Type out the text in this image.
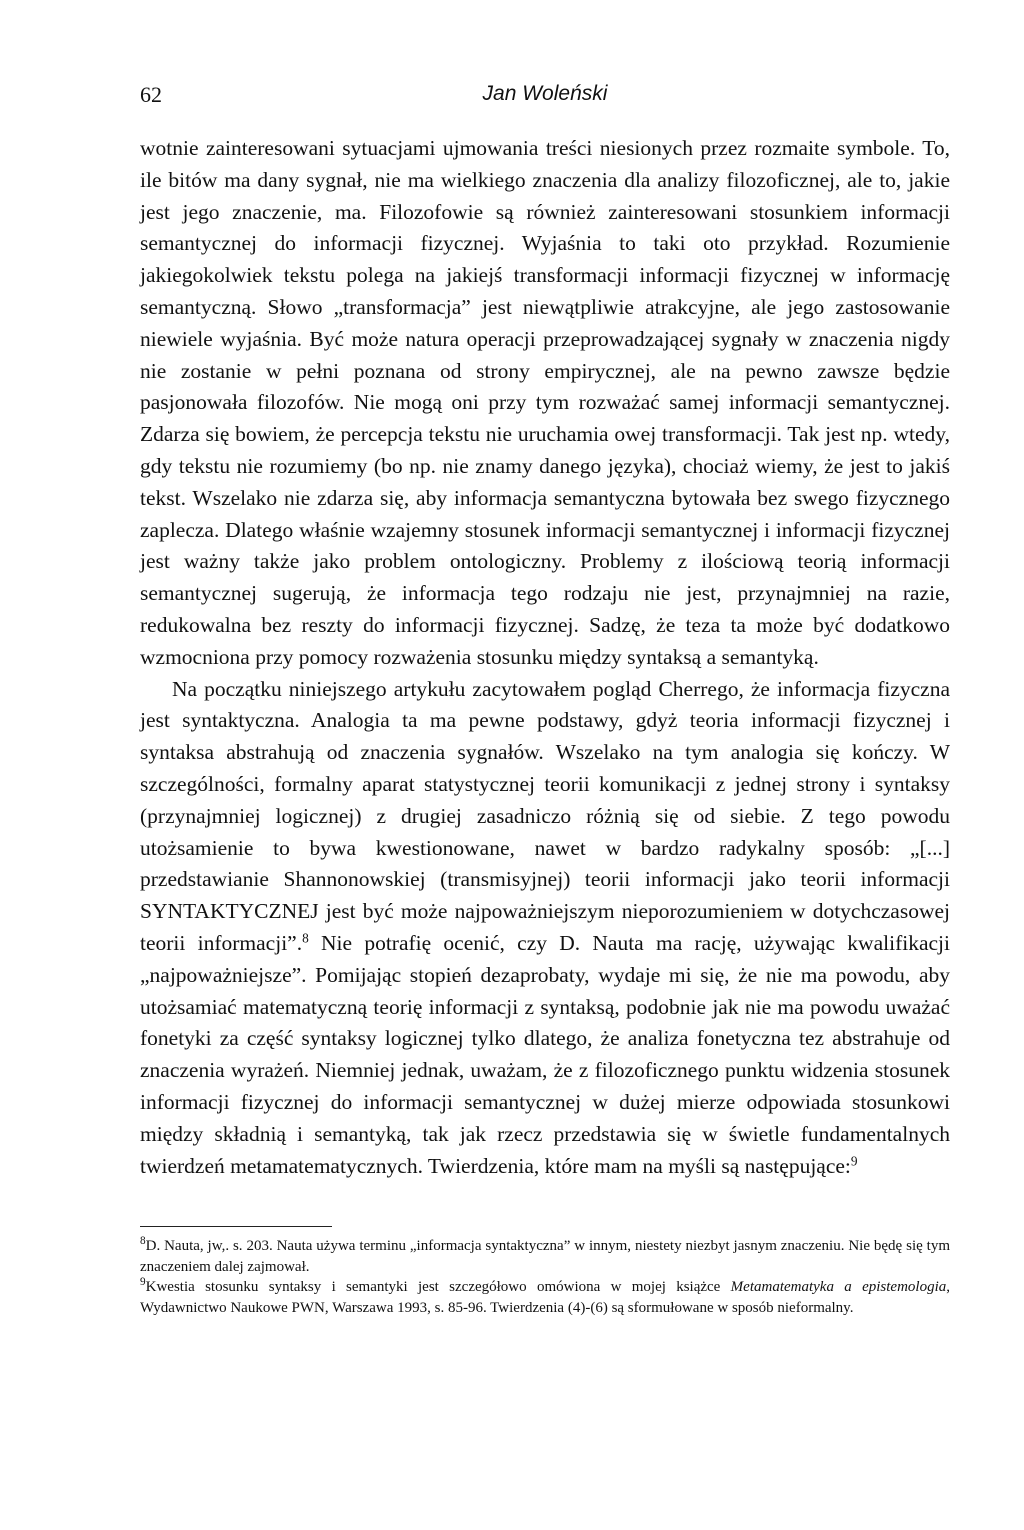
62	Jan Woleński

wotnie zainteresowani sytuacjami ujmowania treści niesionych przez rozmaite symbole. To, ile bitów ma dany sygnał, nie ma wielkiego znaczenia dla analizy filozoficznej, ale to, jakie jest jego znaczenie, ma. Filozofowie są również zainteresowani stosunkiem informacji semantycznej do informacji fizycznej. Wyjaśnia to taki oto przykład. Rozumienie jakiegokolwiek tekstu polega na jakiejś transformacji informacji fizycznej w informację semantyczną. Słowo „transformacja” jest niewątpliwie atrakcyjne, ale jego zastosowanie niewiele wyjaśnia. Być może natura operacji przeprowadzającej sygnały w znaczenia nigdy nie zostanie w pełni poznana od strony empirycznej, ale na pewno zawsze będzie pasjonowała filozofów. Nie mogą oni przy tym rozważać samej informacji semantycznej. Zdarza się bowiem, że percepcja tekstu nie uruchamia owej transformacji. Tak jest np. wtedy, gdy tekstu nie rozumiemy (bo np. nie znamy danego języka), chociaż wiemy, że jest to jakiś tekst. Wszelako nie zdarza się, aby informacja semantyczna bytowała bez swego fizycznego zaplecza. Dlatego właśnie wzajemny stosunek informacji semantycznej i informacji fizycznej jest ważny także jako problem ontologiczny. Problemy z ilościową teorią informacji semantycznej sugerują, że informacja tego rodzaju nie jest, przynajmniej na razie, redukowalna bez reszty do informacji fizycznej. Sadzę, że teza ta może być dodatkowo wzmocniona przy pomocy rozważenia stosunku między syntaksą a semantyką.

Na początku niniejszego artykułu zacytowałem pogląd Cherrego, że informacja fizyczna jest syntaktyczna. Analogia ta ma pewne podstawy, gdyż teoria informacji fizycznej i syntaksa abstrahują od znaczenia sygnałów. Wszelako na tym analogia się kończy. W szczególności, formalny aparat statystycznej teorii komunikacji z jednej strony i syntaksy (przynajmniej logicznej) z drugiej zasadniczo różnią się od siebie. Z tego powodu utożsamienie to bywa kwestionowane, nawet w bardzo radykalny sposób: „[...] przedstawianie Shannonowskiej (transmisyjnej) teorii informacji jako teorii informacji SYNTAKTYCZNEJ jest być może najpoważniejszym nieporozumieniem w dotychczasowej teorii informacji”.$^8$ Nie potrafię ocenić, czy D. Nauta ma rację, używając kwalifikacji „najpoważniejsze”. Pomijając stopień dezaprobaty, wydaje mi się, że nie ma powodu, aby utożsamiać matematyczną teorię informacji z syntaksą, podobnie jak nie ma powodu uważać fonetyki za część syntaksy logicznej tylko dlatego, że analiza fonetyczna tez abstrahuje od znaczenia wyrażeń. Niemniej jednak, uważam, że z filozoficznego punktu widzenia stosunek informacji fizycznej do informacji semantycznej w dużej mierze odpowiada stosunkowi między składnią i semantyką, tak jak rzecz przedstawia się w świetle fundamentalnych twierdzeń metamatematycznych. Twierdzenia, które mam na myśli są następujące:$^9$

$^8$D. Nauta, jw,. s. 203. Nauta używa terminu „informacja syntaktyczna” w innym, niestety niezbyt jasnym znaczeniu. Nie będę się tym znaczeniem dalej zajmował.

$^9$Kwestia stosunku syntaksy i semantyki jest szczegółowo omówiona w mojej książce Metamatematyka a epistemologia, Wydawnictwo Naukowe PWN, Warszawa 1993, s. 85-96. Twierdzenia (4)-(6) są sformułowane w sposób nieformalny.
